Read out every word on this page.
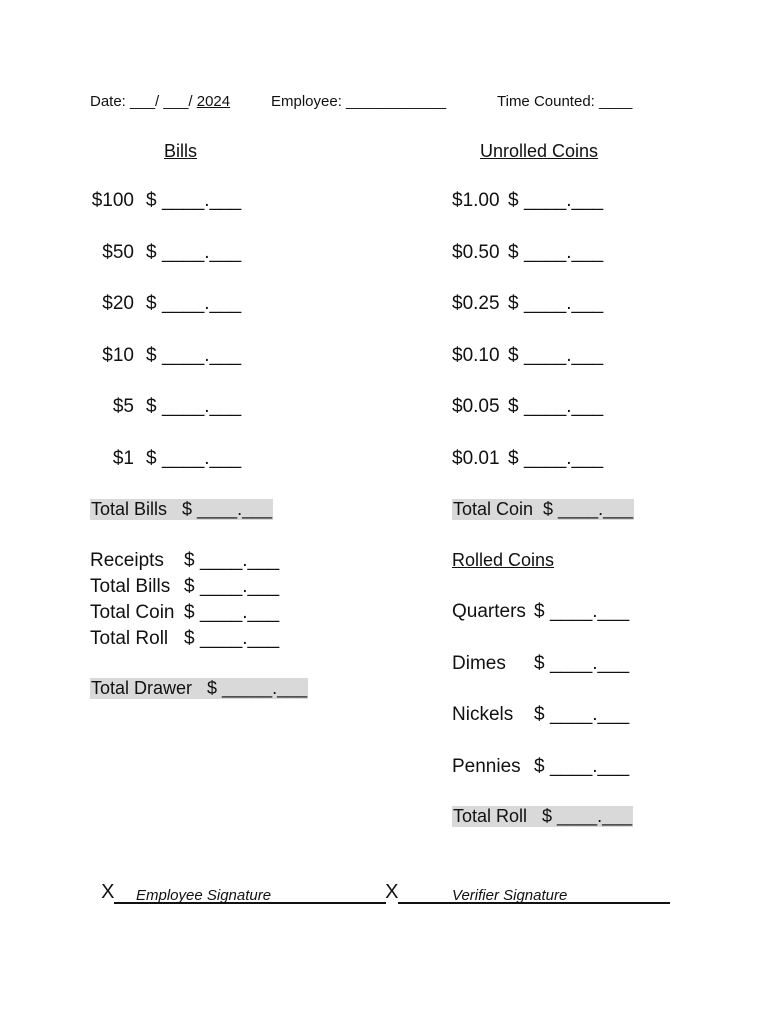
Date: ___/ ___/ 2024	Employee: ____________	Time Counted: ____
Bills	Unrolled Coins
$100 $ ____.___
$50 $ ____.___
$20 $ ____.___
$10 $ ____.___
$5 $ ____.___
$1 $ ____.___
$1.00 $ ____.___
$0.50 $ ____.___
$0.25 $ ____.___
$0.10 $ ____.___
$0.05 $ ____.___
$0.01 $ ____.___
Total Bills   $ ____.___	Total Coin  $ ____.___
Rolled Coins
Receipts $ ____.___
Total Bills $ ____.___
Total Coin $ ____.___
Total Roll $ ____.___
Total Drawer   $ _____.___
Quarters $ ____.___
Dimes $ ____.___
Nickels $ ____.___
Pennies $ ____.___
Total Roll   $ ____.___

X	X

Employee Signature	Verifier Signature
